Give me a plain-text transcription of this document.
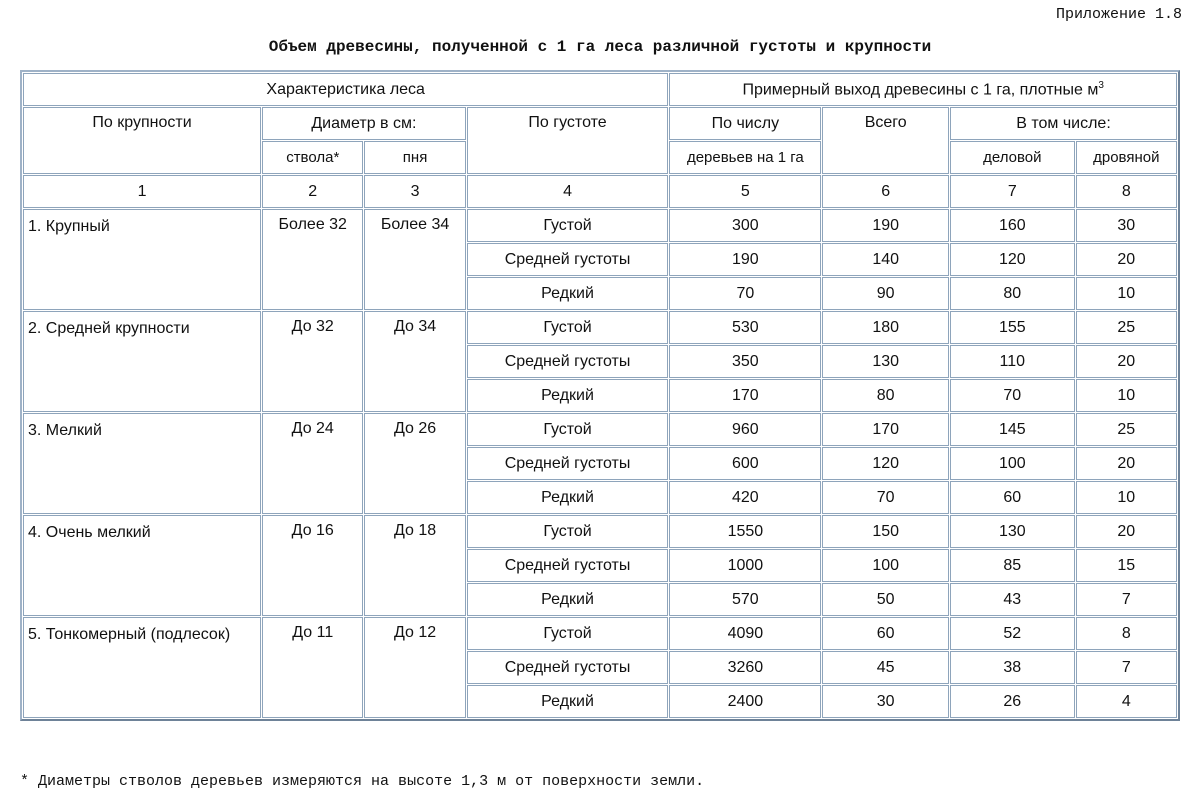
Приложение 1.8
Объем древесины, полученной с 1 га леса различной густоты и крупности
Характеристика леса				Примерный выход древесины с 1 га, плотные $м^3$
По крупности	Диаметр в см:		По густоте	По числу	Всего	В том числе:	
	ствола*	пня		деревьев на 1 га		деловой	дровяной
1	2	3	4	5	6	7	8
1. Крупный	Более 32	Более 34	Густой	300	190	160	30
			Средней густоты	190	140	120	20
			Редкий	70	90	80	10
2. Средней крупности	До 32	До 34	Густой	530	180	155	25
			Средней густоты	350	130	110	20
			Редкий	170	80	70	10
3. Мелкий	До 24	До 26	Густой	960	170	145	25
			Средней густоты	600	120	100	20
			Редкий	420	70	60	10
4. Очень мелкий	До 16	До 18	Густой	1550	150	130	20
			Средней густоты	1000	100	85	15
			Редкий	570	50	43	7
5. Тонкомерный (подлесок)	До 11	До 12	Густой	4090	60	52	8
			Средней густоты	3260	45	38	7
			Редкий	2400	30	26	4
* Диаметры стволов деревьев измеряются на высоте 1,3 м от поверхности земли.
